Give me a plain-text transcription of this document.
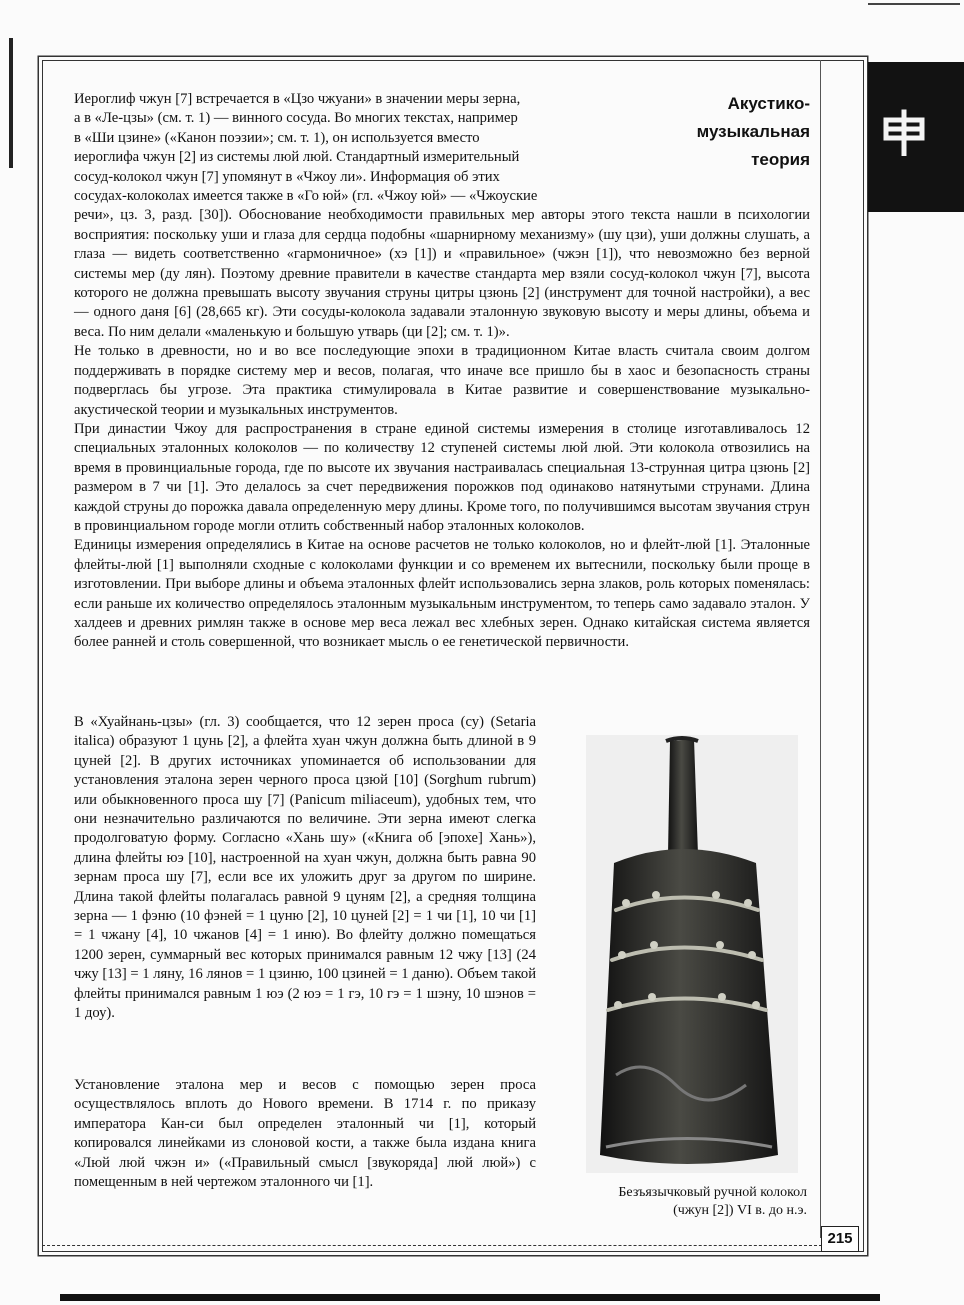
Акустико-
музыкальная
теория
Иероглиф чжун [7] встречается в «Цзо чжуани» в значении меры зерна,
а в «Ле-цзы» (см. т. 1) — винного сосуда. Во многих текстах, например
в «Ши цзине» («Канон поэзии»; см. т. 1), он используется вместо
иероглифа чжун [2] из системы люй люй. Стандартный измерительный
сосуд-колокол чжун [7] упомянут в «Чжоу ли». Информация об этих
сосудах-колоколах имеется также в «Го юй» (гл. «Чжоу юй» — «Чжоуские

речи», цз. 3, разд. [30]). Обоснование необходимости правильных мер авторы этого текста нашли в психологии восприятия: поскольку уши и глаза для сердца подобны «шарнирному механизму» (шу цзи), уши должны слушать, а глаза — видеть соответственно «гармоничное» (хэ [1]) и «правильное» (чжэн [1]), что невозможно без верной системы мер (ду лян). Поэтому древние правители в качестве стандарта мер взяли сосуд-колокол чжун [7], высота которого не должна превышать высоту звучания струны цитры цзюнь [2] (инструмент для точной настройки), а вес — одного даня [6] (28,665 кг). Эти сосуды-колокола задавали эталонную звуковую высоту и меры длины, объема и веса. По ним делали «маленькую и большую утварь (ци [2]; см. т. 1)».

Не только в древности, но и во все последующие эпохи в традиционном Китае власть считала своим долгом поддерживать в порядке систему мер и весов, полагая, что иначе все пришло бы в хаос и безопасность страны подверглась бы угрозе. Эта практика стимулировала в Китае развитие и совершенствование музыкально-акустической теории и музыкальных инструментов.

При династии Чжоу для распространения в стране единой системы измерения в столице изготавливалось 12 специальных эталонных колоколов — по количеству 12 ступеней системы люй люй. Эти колокола отвозились на время в провинциальные города, где по высоте их звучания настраивалась специальная 13-струнная цитра цзюнь [2] размером в 7 чи [1]. Это делалось за счет передвижения порожков под одинаково натянутыми струнами. Длина каждой струны до порожка давала определенную меру длины. Кроме того, по получившимся высотам звучания струн в провинциальном городе могли отлить собственный набор эталонных колоколов.

Единицы измерения определялись в Китае на основе расчетов не только колоколов, но и флейт-люй [1]. Эталонные флейты-люй [1] выполняли сходные с колоколами функции и со временем их вытеснили, поскольку были проще в изготовлении. При выборе длины и объема эталонных флейт использовались зерна злаков, роль которых поменялась: если раньше их количество определялось эталонным музыкальным инструментом, то теперь само задавало эталон. У халдеев и древних римлян также в основе мер веса лежал вес хлебных зерен. Однако китайская система является более ранней и столь совершенной, что возникает мысль о ее генетической первичности.

В «Хуайнань-цзы» (гл. 3) сообщается, что 12 зерен проса (су) (Setaria italica) образуют 1 цунь [2], а флейта хуан чжун должна быть длиной в 9 цуней [2]. В других источниках упоминается об использовании для установления эталона зерен черного проса цзюй [10] (Sorghum rubrum) или обыкновенного проса шу [7] (Panicum miliaceum), удобных тем, что они незначительно различаются по величине. Эти зерна имеют слегка продолговатую форму. Согласно «Хань шу» («Книга об [эпохе] Хань»), длина флейты юэ [10], настроенной на хуан чжун, должна быть равна 90 зернам проса шу [7], если все их уложить друг за другом по ширине. Длина такой флейты полагалась равной 9 цуням [2], а средняя толщина зерна — 1 фэню (10 фэней = 1 цуню [2], 10 цуней [2] = 1 чи [1], 10 чи [1] = 1 чжану [4], 10 чжанов [4] = 1 иню). Во флейту должно помещаться 1200 зерен, суммарный вес которых принимался равным 12 чжу [13] (24 чжу [13] = 1 ляну, 16 лянов = 1 цзиню, 100 цзиней = 1 даню). Объем такой флейты принимался равным 1 юэ (2 юэ = 1 гэ, 10 гэ = 1 шэну, 10 шэнов = 1 доу).

Установление эталона мер и весов с помощью зерен проса осуществлялось вплоть до Нового времени. В 1714 г. по приказу императора Кан-си был определен эталонный чи [1], который копировался линейками из слоновой кости, а также была издана книга «Люй люй чжэн и» («Правильный смысл [звукоряда] люй люй») с помещенным в ней чертежом эталонного чи [1].

Безъязычковый ручной колокол
(чжун [2]) VI в. до н.э.
215
